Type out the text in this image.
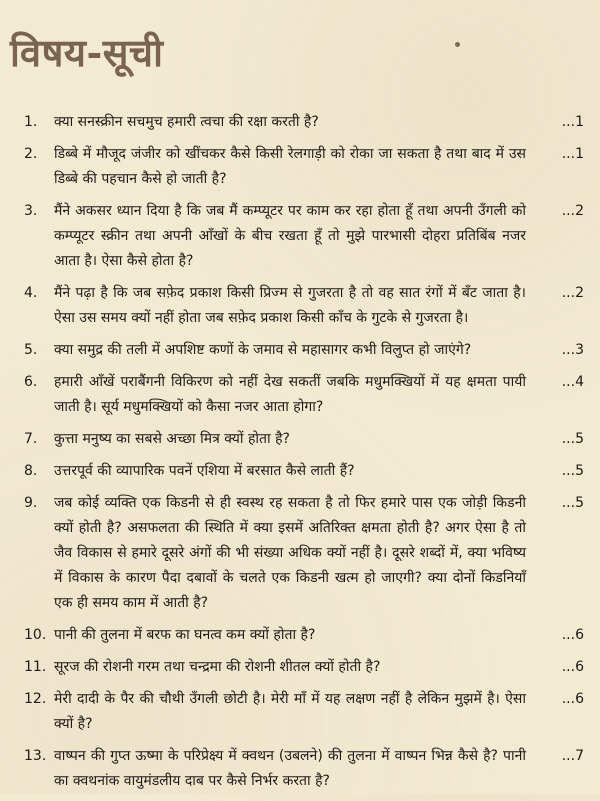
विषय-सूची
1.	क्या सनस्क्रीन सचमुच हमारी त्वचा की रक्षा करती है?	...1
2.	डिब्बे में मौजूद जंजीर को खींचकर कैसे किसी रेलगाड़ी को रोका जा सकता है तथा बाद में उस डिब्बे की पहचान कैसे हो जाती है?
...1
3.	मैंने अकसर ध्यान दिया है कि जब मैं कम्प्यूटर पर काम कर रहा होता हूँ तथा अपनी उँगली को कम्प्यूटर स्क्रीन तथा अपनी आँखों के बीच रखता हूँ तो मुझे पारभासी दोहरा प्रतिबिंब नजर आता है। ऐसा कैसे होता है?
...2
4.	मैंने पढ़ा है कि जब सफ़ेद प्रकाश किसी प्रिज्म से गुजरता है तो वह सात रंगों में बँट जाता है। ऐसा उस समय क्यों नहीं होता जब सफ़ेद प्रकाश किसी काँच के गुटके से गुजरता है।
...2
5.	क्या समुद्र की तली में अपशिष्ट कणों के जमाव से महासागर कभी विलुप्त हो जाएंगे?	...3
6.	हमारी आँखें पराबैंगनी विकिरण को नहीं देख सकतीं जबकि मधुमक्खियों में यह क्षमता पायी जाती है। सूर्य मधुमक्खियों को कैसा नजर आता होगा?
...4
7.	कुत्ता मनुष्य का सबसे अच्छा मित्र क्यों होता है?	...5
8.	उत्तरपूर्व की व्यापारिक पवनें एशिया में बरसात कैसे लाती हैं?	...5
9.	जब कोई व्यक्ति एक किडनी से ही स्वस्थ रह सकता है तो फिर हमारे पास एक जोड़ी किडनी क्यों होती है? असफलता की स्थिति में क्या इसमें अतिरिक्त क्षमता होती है? अगर ऐसा है तो जैव विकास से हमारे दूसरे अंगों की भी संख्या अधिक क्यों नहीं है। दूसरे शब्दों में, क्या भविष्य में विकास के कारण पैदा दबावों के चलते एक किडनी खत्म हो जाएगी? क्या दोनों किडनियाँ एक ही समय काम में आती है?
...5
10. पानी की तुलना में बरफ का घनत्व कम क्यों होता है?	...6
11. सूरज की रोशनी गरम तथा चन्द्रमा की रोशनी शीतल क्यों होती है?	...6
12. मेरी दादी के पैर की चौथी उँगली छोटी है। मेरी माँ में यह लक्षण नहीं है लेकिन मुझमें है। ऐसा क्यों है?
...6
13. वाष्पन की गुप्त ऊष्मा के परिप्रेक्ष्य में क्वथन (उबलने) की तुलना में वाष्पन भिन्न कैसे है? पानी का क्वथनांक वायुमंडलीय दाब पर कैसे निर्भर करता है?
...7
